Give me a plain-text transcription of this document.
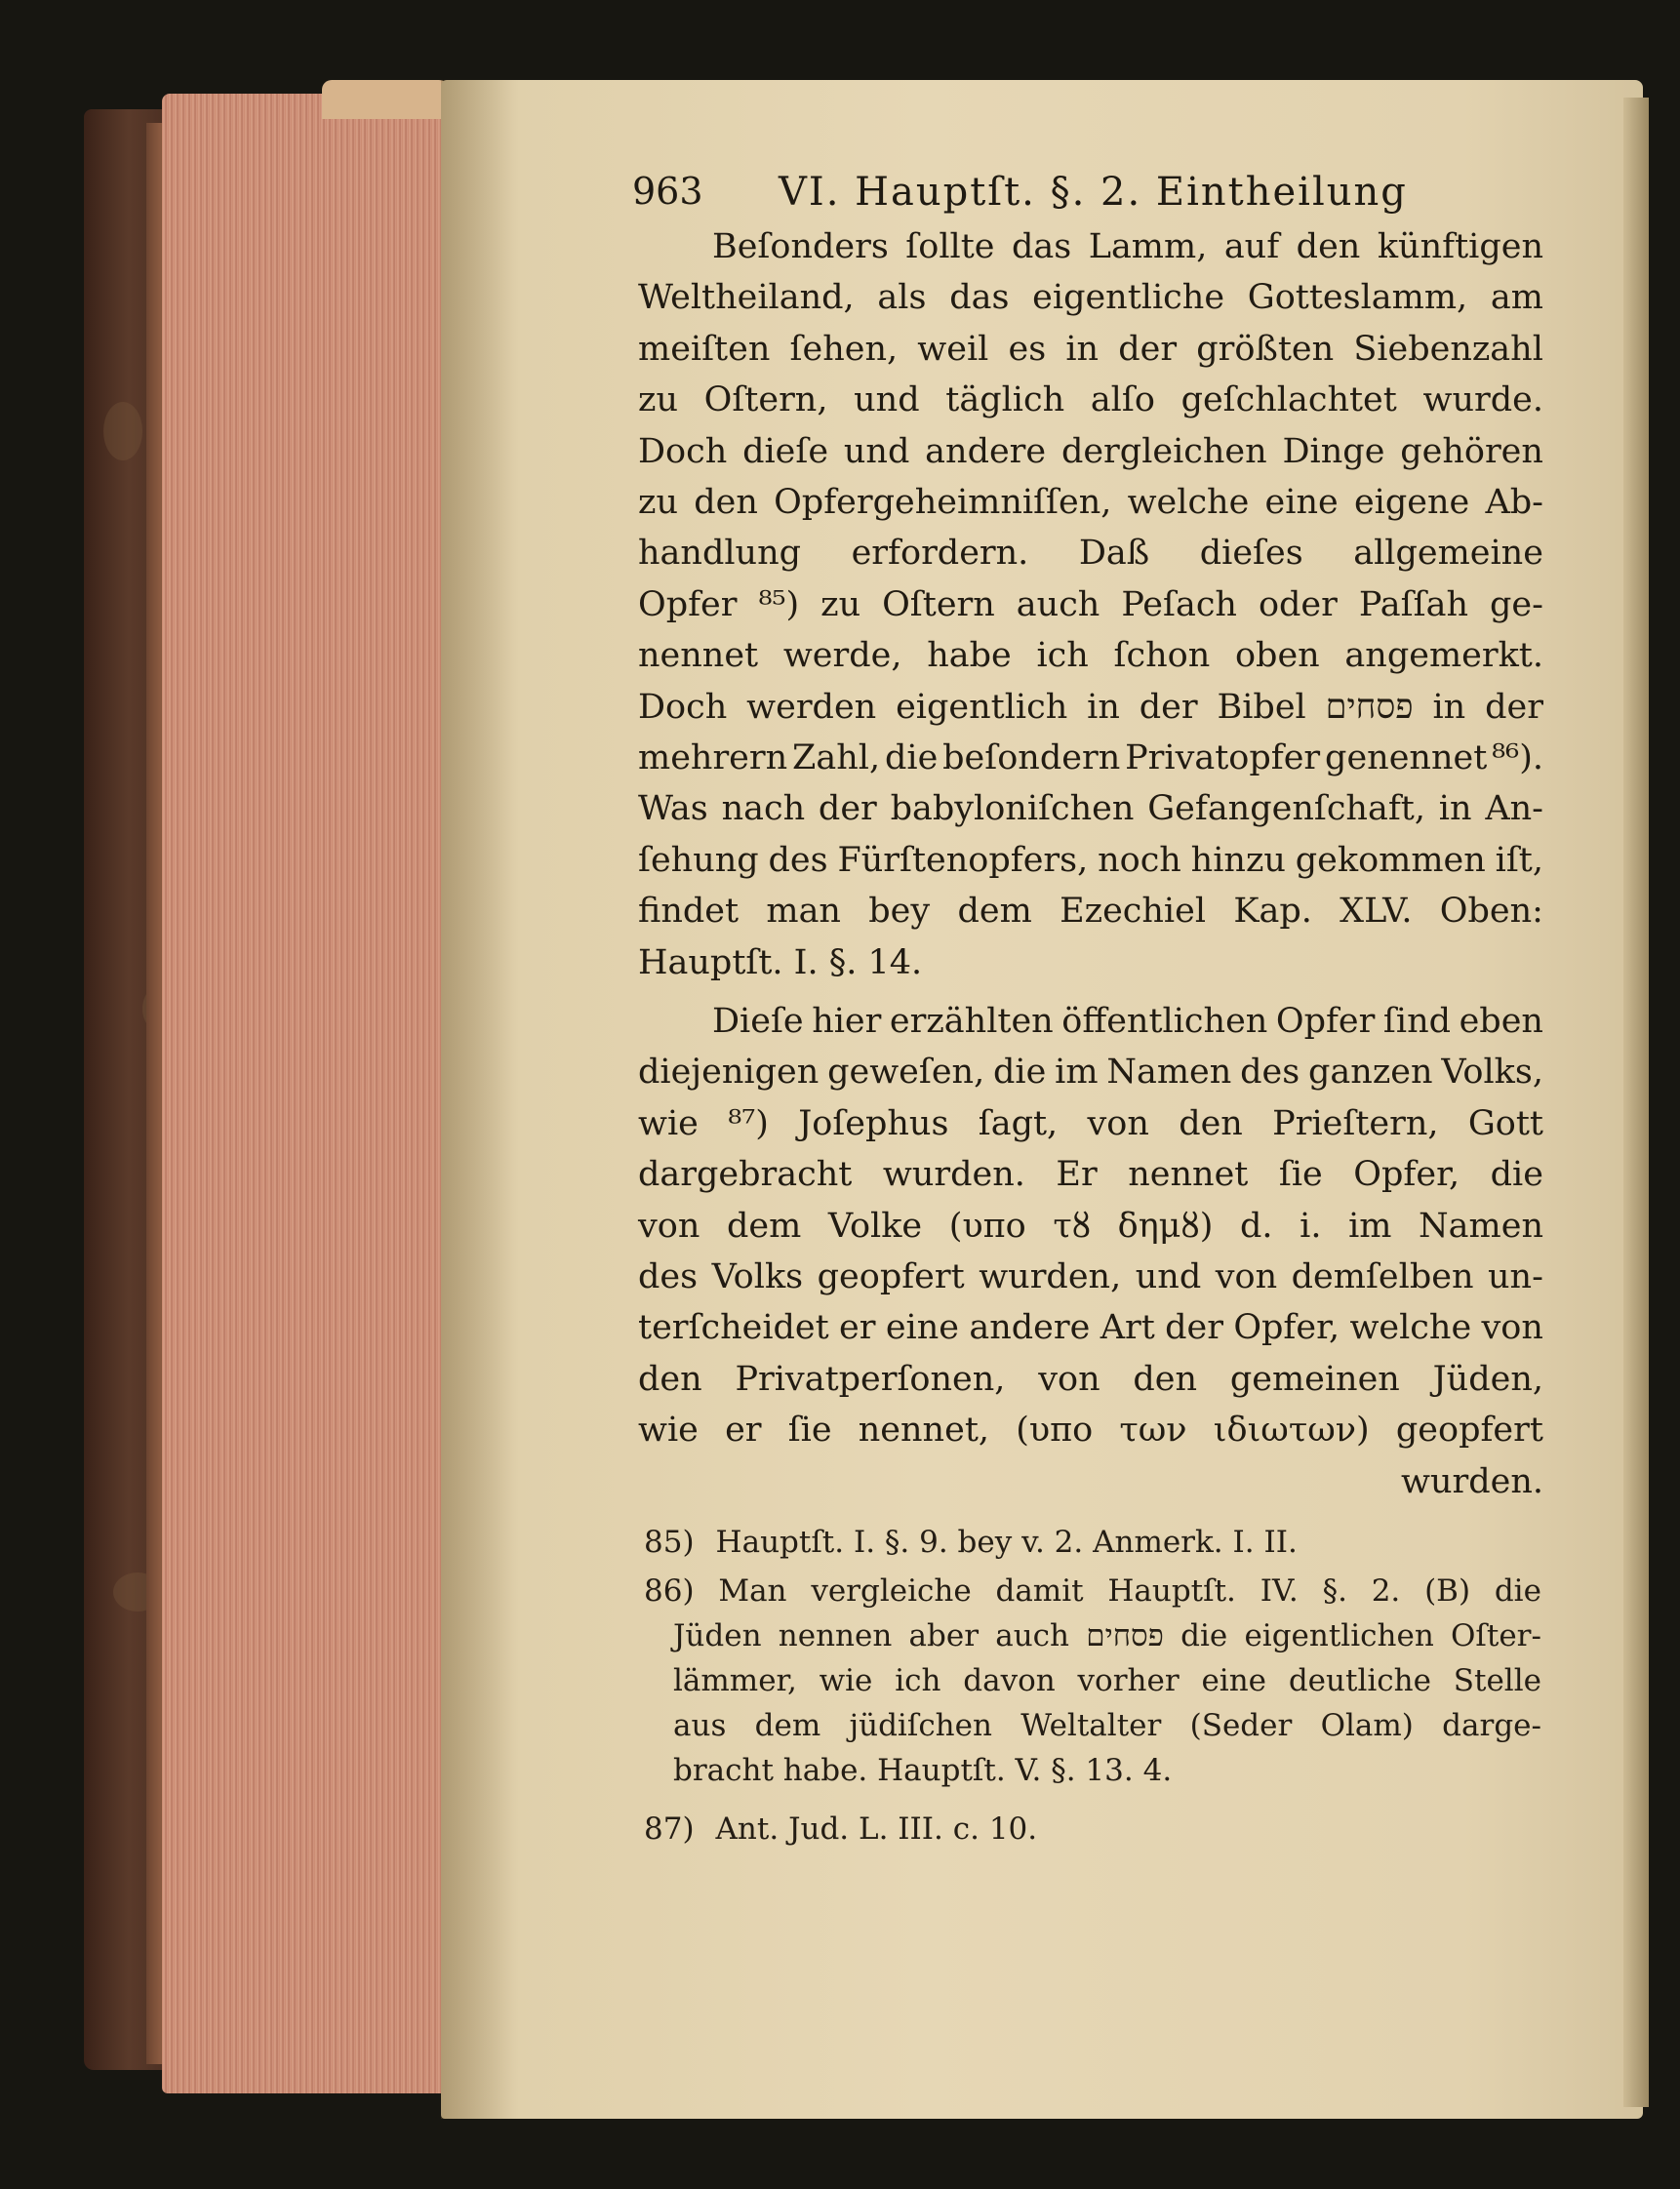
963 VI. Hauptſt. §. 2. Eintheilung
Beſonders ſollte das Lamm, auf den künftigen
Weltheiland, als das eigentliche Gotteslamm, am
meiſten ſehen, weil es in der größten Siebenzahl
zu Oſtern, und täglich alſo geſchlachtet wurde.
Doch dieſe und andere dergleichen Dinge gehören
zu den Opfergeheimniſſen, welche eine eigene Ab-
handlung erfordern. Daß dieſes allgemeine
Opfer ⁸⁵) zu Oſtern auch Peſach oder Paſſah ge-
nennet werde, habe ich ſchon oben angemerkt.
Doch werden eigentlich in der Bibel פסחים in der
mehrern Zahl, die beſondern Privatopfer genennet ⁸⁶).
Was nach der babyloniſchen Gefangenſchaft, in An-
ſehung des Fürſtenopfers, noch hinzu gekommen iſt,
findet man bey dem Ezechiel Kap. XLV. Oben:
Hauptſt. I. §. 14.
Dieſe hier erzählten öffentlichen Opfer ſind eben
diejenigen geweſen, die im Namen des ganzen Volks,
wie ⁸⁷) Joſephus ſagt, von den Prieſtern, Gott
dargebracht wurden. Er nennet ſie Opfer, die
von dem Volke (υπο τȣ δημȣ) d. i. im Namen
des Volks geopfert wurden, und von demſelben un-
terſcheidet er eine andere Art der Opfer, welche von
den Privatperſonen, von den gemeinen Jüden,
wie er ſie nennet, (υπο των ιδιωτων) geopfert
wurden.
85) Hauptſt. I. §. 9. bey v. 2. Anmerk. I. II.
86) Man vergleiche damit Hauptſt. IV. §. 2. (B) die
Jüden nennen aber auch פסחים die eigentlichen Oſter-
lämmer, wie ich davon vorher eine deutliche Stelle
aus dem jüdiſchen Weltalter (Seder Olam) darge-
bracht habe. Hauptſt. V. §. 13. 4.
87) Ant. Jud. L. III. c. 10.
